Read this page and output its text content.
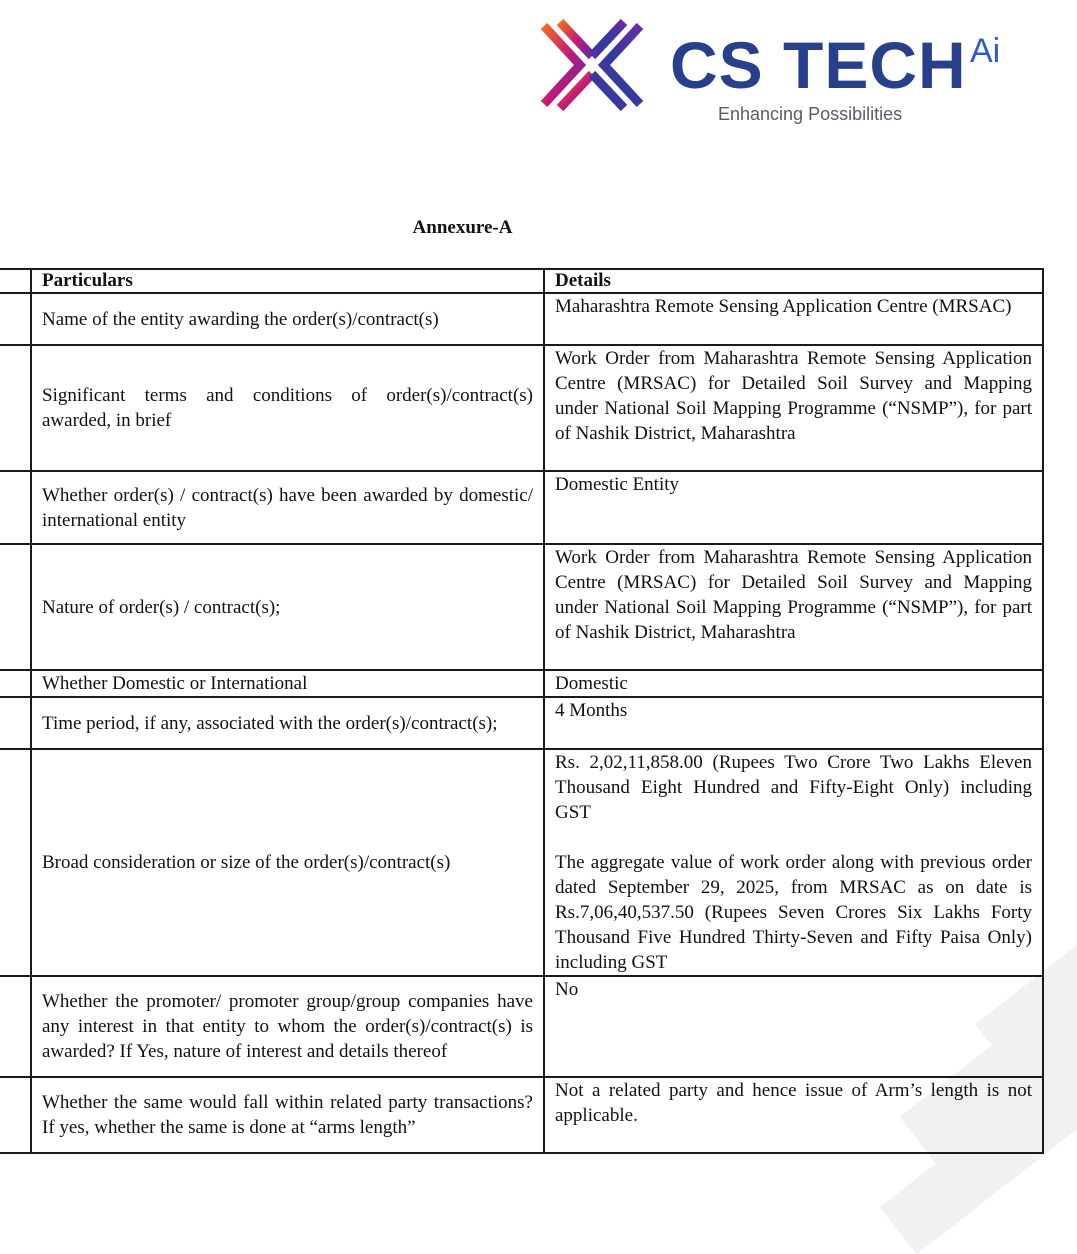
CS TECH Ai
Enhancing Possibilities
Annexure-A
	Particulars	Details
	Name of the entity awarding the order(s)/contract(s)	Maharashtra Remote Sensing Application Centre (MRSAC)
	Significant terms and conditions of order(s)/contract(s) awarded, in brief	Work Order from Maharashtra Remote Sensing Application Centre (MRSAC) for Detailed Soil Survey and Mapping under National Soil Mapping Programme (“NSMP”), for part of Nashik District, Maharashtra
	Whether order(s) / contract(s) have been awarded by domestic/ international entity	Domestic Entity
	Nature of order(s) / contract(s);	Work Order from Maharashtra Remote Sensing Application Centre (MRSAC) for Detailed Soil Survey and Mapping under National Soil Mapping Programme (“NSMP”), for part of Nashik District, Maharashtra
	Whether Domestic or International	Domestic
	Time period, if any, associated with the order(s)/contract(s);	4 Months
	Broad consideration or size of the order(s)/contract(s)	Rs. 2,02,11,858.00 (Rupees Two Crore Two Lakhs Eleven Thousand Eight Hundred and Fifty-Eight Only) including GST
The aggregate value of work order along with previous order dated September 29, 2025, from MRSAC as on date is Rs.7,06,40,537.50 (Rupees Seven Crores Six Lakhs Forty Thousand Five Hundred Thirty-Seven and Fifty Paisa Only) including GST

	Whether the promoter/ promoter group/group companies have any interest in that entity to whom the order(s)/contract(s) is awarded? If Yes, nature of interest and details thereof	No
	Whether the same would fall within related party transactions? If yes, whether the same is done at “arms length”	Not a related party and hence issue of Arm’s length is not applicable.
